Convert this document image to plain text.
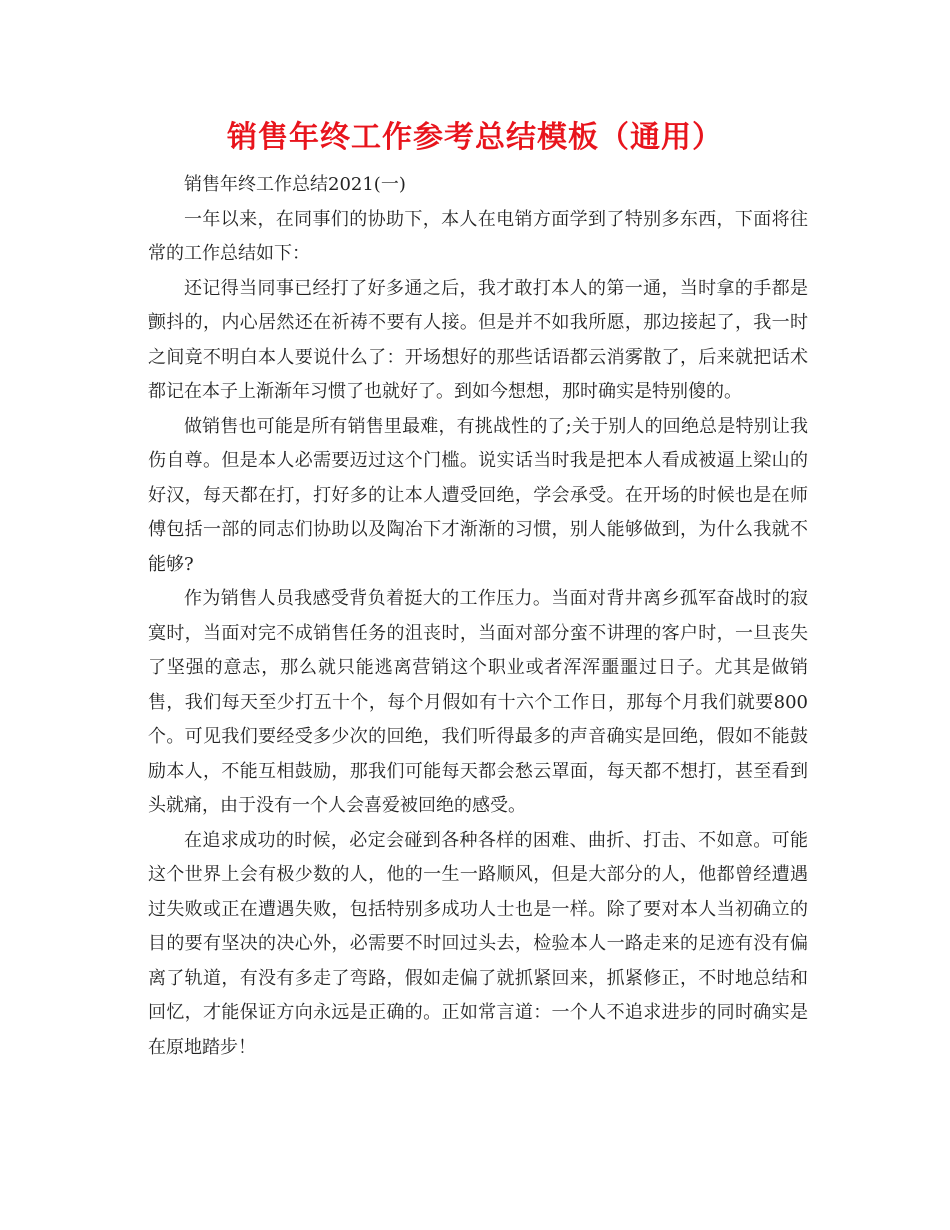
销售年终工作参考总结模板（通用）

销售年终工作总结2021(一)

一年以来，在同事们的协助下，本人在电销方面学到了特别多东西，下面将往常的工作总结如下：

还记得当同事已经打了好多通之后，我才敢打本人的第一通，当时拿的手都是颤抖的，内心居然还在祈祷不要有人接。但是并不如我所愿，那边接起了，我一时之间竟不明白本人要说什么了：开场想好的那些话语都云消雾散了，后来就把话术都记在本子上渐渐年习惯了也就好了。到如今想想，那时确实是特别傻的。

做销售也可能是所有销售里最难，有挑战性的了;关于别人的回绝总是特别让我伤自尊。但是本人必需要迈过这个门槛。说实话当时我是把本人看成被逼上梁山的好汉，每天都在打，打好多的让本人遭受回绝，学会承受。在开场的时候也是在师傅包括一部的同志们协助以及陶冶下才渐渐的习惯，别人能够做到，为什么我就不能够?

作为销售人员我感受背负着挺大的工作压力。当面对背井离乡孤军奋战时的寂寞时，当面对完不成销售任务的沮丧时，当面对部分蛮不讲理的客户时，一旦丧失了坚强的意志，那么就只能逃离营销这个职业或者浑浑噩噩过日子。尤其是做销售，我们每天至少打五十个，每个月假如有十六个工作日，那每个月我们就要800个。可见我们要经受多少次的回绝，我们听得最多的声音确实是回绝，假如不能鼓励本人，不能互相鼓励，那我们可能每天都会愁云罩面，每天都不想打，甚至看到头就痛，由于没有一个人会喜爱被回绝的感受。

在追求成功的时候，必定会碰到各种各样的困难、曲折、打击、不如意。可能这个世界上会有极少数的人，他的一生一路顺风，但是大部分的人，他都曾经遭遇过失败或正在遭遇失败，包括特别多成功人士也是一样。除了要对本人当初确立的目的要有坚决的决心外，必需要不时回过头去，检验本人一路走来的足迹有没有偏离了轨道，有没有多走了弯路，假如走偏了就抓紧回来，抓紧修正，不时地总结和回忆，才能保证方向永远是正确的。正如常言道：一个人不追求进步的同时确实是在原地踏步！
